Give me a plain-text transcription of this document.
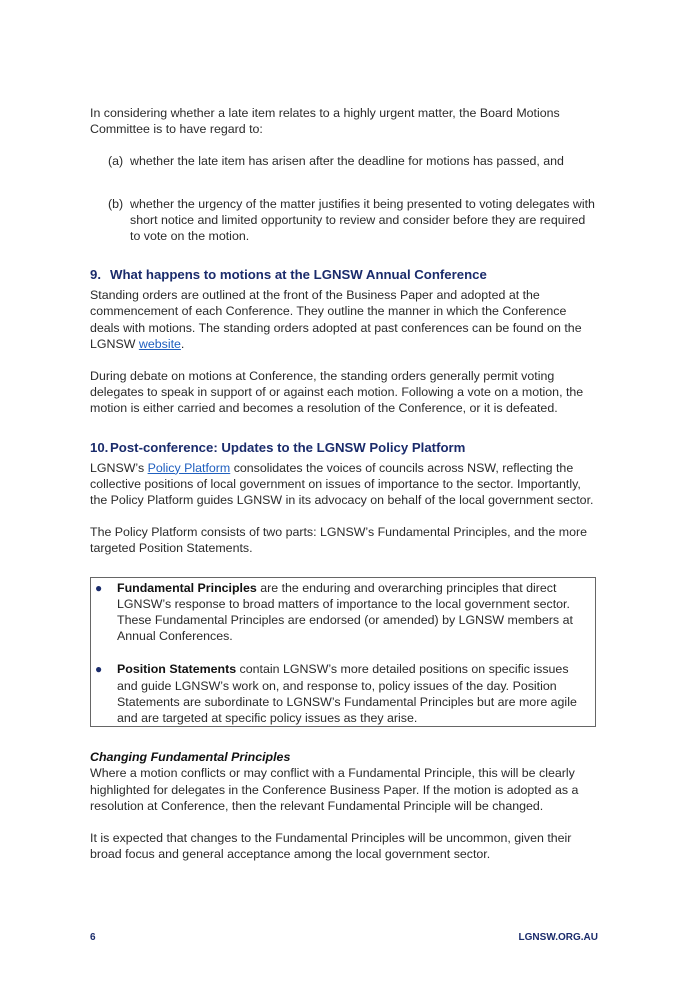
In considering whether a late item relates to a highly urgent matter, the Board Motions Committee is to have regard to:

(a) whether the late item has arisen after the deadline for motions has passed, and
(b) whether the urgency of the matter justifies it being presented to voting delegates with short notice and limited opportunity to review and consider before they are required to vote on the motion.
9. What happens to motions at the LGNSW Annual Conference

Standing orders are outlined at the front of the Business Paper and adopted at the commencement of each Conference. They outline the manner in which the Conference deals with motions. The standing orders adopted at past conferences can be found on the LGNSW website.

During debate on motions at Conference, the standing orders generally permit voting delegates to speak in support of or against each motion. Following a vote on a motion, the motion is either carried and becomes a resolution of the Conference, or it is defeated.

10. Post-conference: Updates to the LGNSW Policy Platform

LGNSW’s Policy Platform consolidates the voices of councils across NSW, reflecting the collective positions of local government on issues of importance to the sector. Importantly, the Policy Platform guides LGNSW in its advocacy on behalf of the local government sector.

The Policy Platform consists of two parts: LGNSW’s Fundamental Principles, and the more targeted Position Statements.

●	Fundamental Principles are the enduring and overarching principles that direct LGNSW’s response to broad matters of importance to the local government sector. These Fundamental Principles are endorsed (or amended) by LGNSW members at Annual Conferences.
●	Position Statements contain LGNSW’s more detailed positions on specific issues and guide LGNSW’s work on, and response to, policy issues of the day. Position Statements are subordinate to LGNSW’s Fundamental Principles but are more agile and are targeted at specific policy issues as they arise.
Changing Fundamental Principles

Where a motion conflicts or may conflict with a Fundamental Principle, this will be clearly highlighted for delegates in the Conference Business Paper. If the motion is adopted as a resolution at Conference, then the relevant Fundamental Principle will be changed.

It is expected that changes to the Fundamental Principles will be uncommon, given their broad focus and general acceptance among the local government sector.

6	LGNSW.ORG.AU
